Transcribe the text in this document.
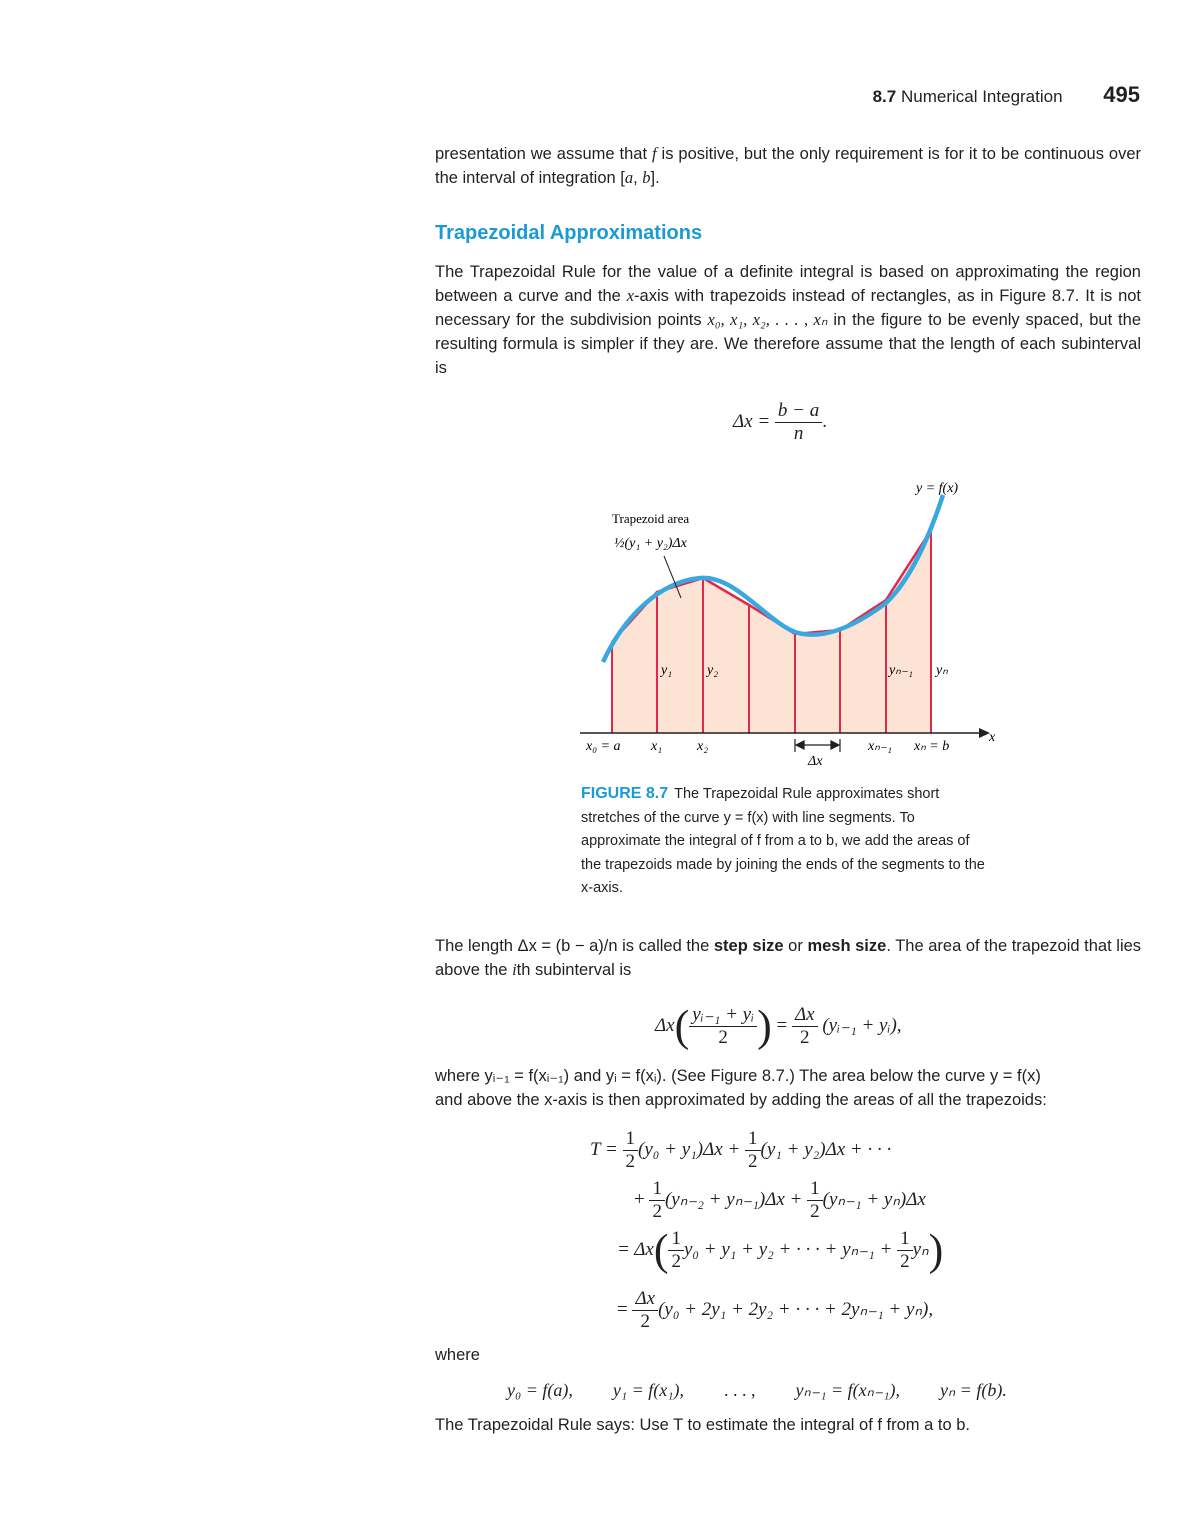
8.7 Numerical Integration 495
presentation we assume that f is positive, but the only requirement is for it to be continuous over the interval of integration [a, b].
Trapezoidal Approximations
The Trapezoidal Rule for the value of a definite integral is based on approximating the region between a curve and the x-axis with trapezoids instead of rectangles, as in Figure 8.7. It is not necessary for the subdivision points x₀, x₁, x₂, . . . , xₙ in the figure to be evenly spaced, but the resulting formula is simpler if they are. We therefore assume that the length of each subinterval is
$\Delta x = \frac{b - a}{n}$ .
y = f(x)
Trapezoid area
½(y₁ + y₂)Δx
y₁ y₂	yₙ₋₁ yₙ
x₀ = a x₁ x₂	xₙ₋₁ xₙ = b
x
Δx
FIGURE 8.7 The Trapezoidal Rule approximates short stretches of the curve y = f(x) with line segments. To approximate the integral of f from a to b, we add the areas of the trapezoids made by joining the ends of the segments to the x-axis.
The length Δx = (b − a)/n is called the step size or mesh size. The area of the trapezoid that lies above the ith subinterval is
$\Delta x( \frac{\text{yᵢ₋₁ + yᵢ}}{2}$ ) = $\frac{\Delta x}{2}$ (yᵢ₋₁ + yᵢ),
where yᵢ₋₁ = f(xᵢ₋₁) and yᵢ = f(xᵢ). (See Figure 8.7.) The area below the curve y = f(x)
and above the x-axis is then approximated by adding the areas of all the trapezoids:
$T = \frac{1}{2} (y_0 + y_1)\Delta x + \frac{1}{2} (y_1 + y_2)\Delta x$ + · · ·
+ $\frac{1}{2} (y_{n-2} + y_{n-1})\Delta x + \frac{1}{2} (y_{n-1} + y_n)\Delta x$
= $\Delta x( \frac{1}{2} y_0 + y_1 + y_2$ + · · · + $y_{n-1} + \frac{1}{2} y_n$)
= $\frac{\Delta x}{2} (y_0 + 2y_1 + 2y_2$ + · · · + 2yₙ₋₁ + yₙ),
where
y₀ = f(a), y₁ = f(x₁), . . . , yₙ₋₁ = f(xₙ₋₁), yₙ = f(b).
The Trapezoidal Rule says: Use T to estimate the integral of f from a to b.
